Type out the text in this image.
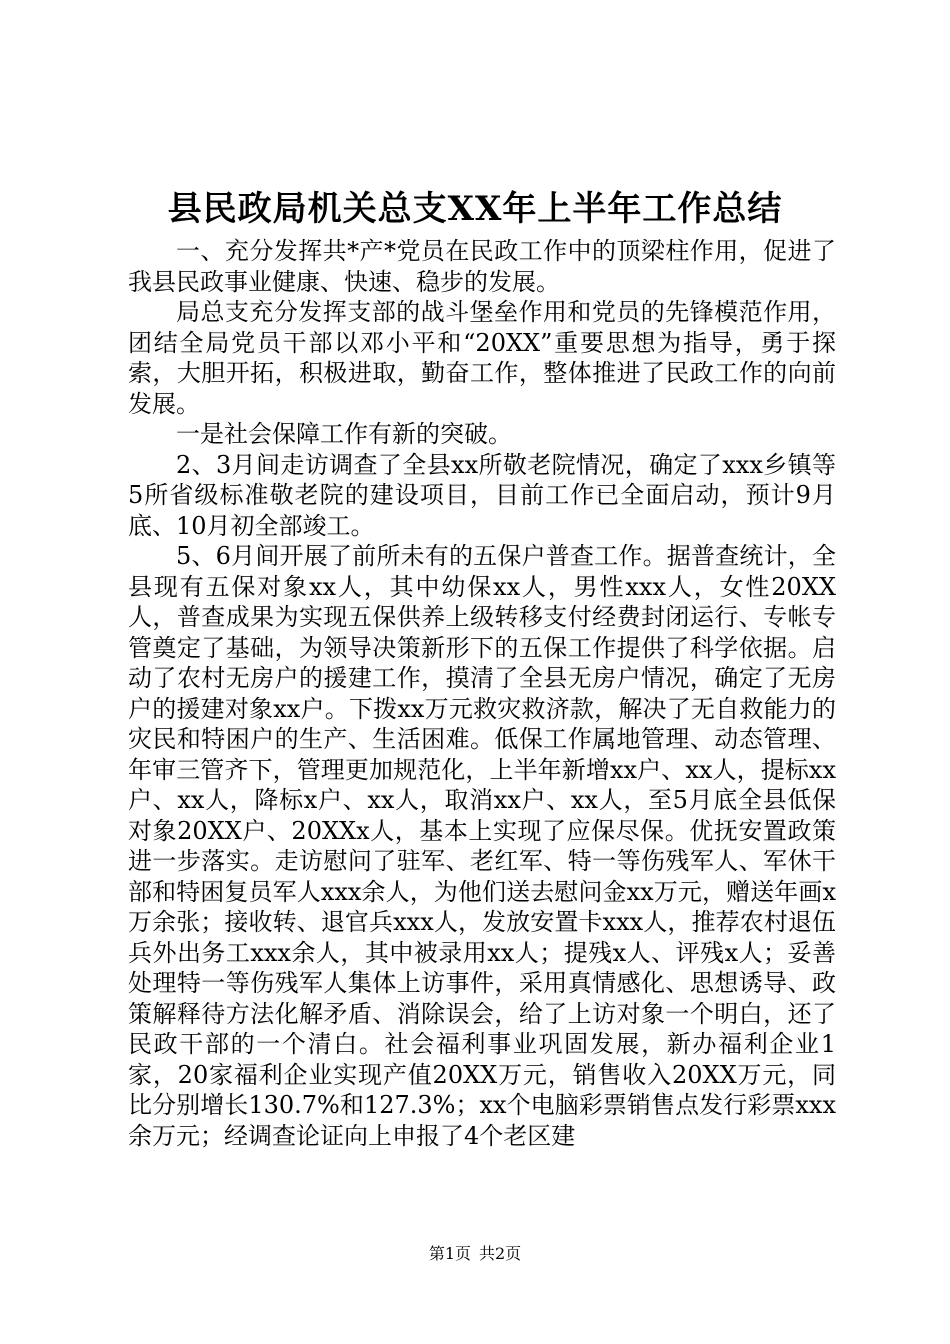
县民政局机关总支XX年上半年工作总结

一、充分发挥共*产*党员在民政工作中的顶梁柱作用，促进了我县民政事业健康、快速、稳步的发展。

局总支充分发挥支部的战斗堡垒作用和党员的先锋模范作用，团结全局党员干部以邓小平和“20XX”重要思想为指导，勇于探索，大胆开拓，积极进取，勤奋工作，整体推进了民政工作的向前发展。

一是社会保障工作有新的突破。

2、3月间走访调查了全县xx所敬老院情况，确定了xxx乡镇等5所省级标准敬老院的建设项目，目前工作已全面启动，预计9月底、10月初全部竣工。

5、6月间开展了前所未有的五保户普查工作。据普查统计，全县现有五保对象xx人，其中幼保xx人，男性xxx人，女性20XX人，普查成果为实现五保供养上级转移支付经费封闭运行、专帐专管奠定了基础，为领导决策新形下的五保工作提供了科学依据。启动了农村无房户的援建工作，摸清了全县无房户情况，确定了无房户的援建对象xx户。下拨xx万元救灾救济款，解决了无自救能力的灾民和特困户的生产、生活困难。低保工作属地管理、动态管理、年审三管齐下，管理更加规范化，上半年新增xx户、xx人，提标xx户、xx人，降标x户、xx人，取消xx户、xx人，至5月底全县低保对象20XX户、20XXx人，基本上实现了应保尽保。优抚安置政策进一步落实。走访慰问了驻军、老红军、特一等伤残军人、军休干部和特困复员军人xxx余人，为他们送去慰问金xx万元，赠送年画x万余张；接收转、退官兵xxx人，发放安置卡xxx人，推荐农村退伍兵外出务工xxx余人，其中被录用xx人；提残x人、评残x人；妥善处理特一等伤残军人集体上访事件，采用真情感化、思想诱导、政策解释待方法化解矛盾、消除误会，给了上访对象一个明白，还了民政干部的一个清白。社会福利事业巩固发展，新办福利企业1家，20家福利企业实现产值20XX万元，销售收入20XX万元，同比分别增长130.7%和127.3%；xx个电脑彩票销售点发行彩票xxx余万元；经调查论证向上申报了4个老区建

第1页 共2页
